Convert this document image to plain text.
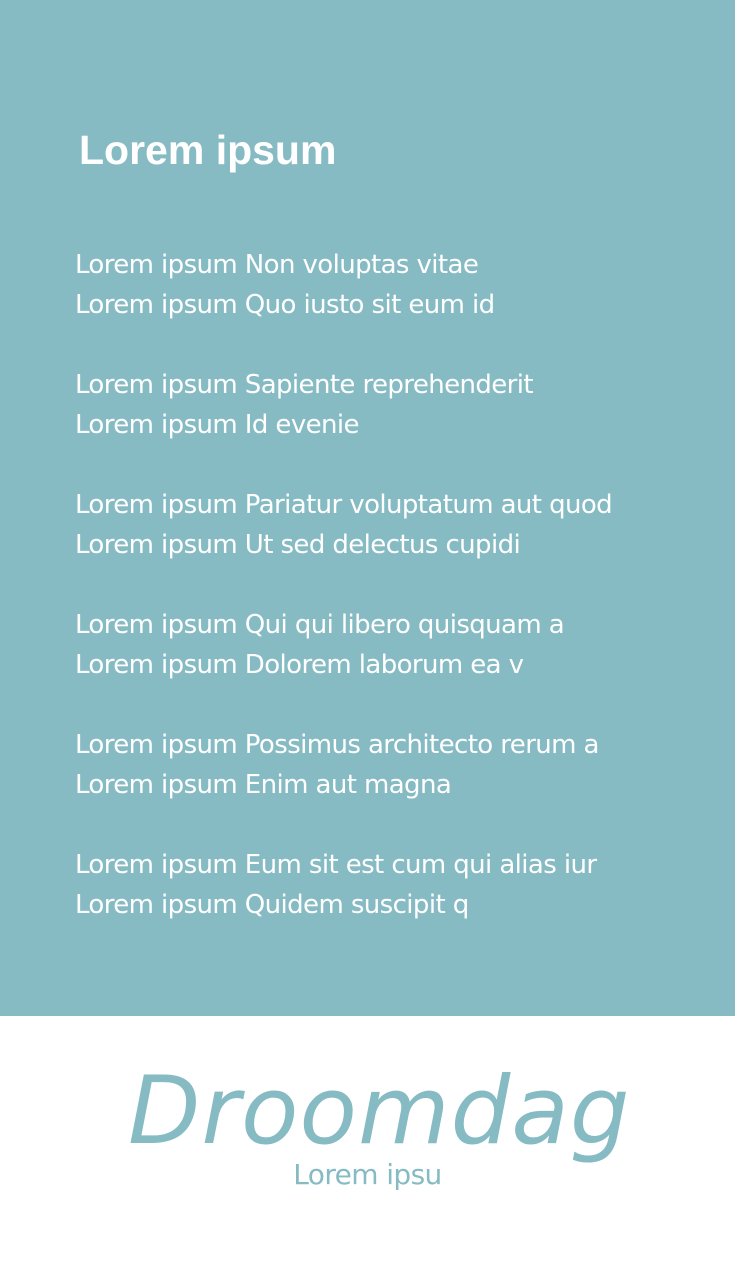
Lorem ipsum
Lorem ipsum Non voluptas vitae
Lorem ipsum Quo iusto sit eum id
Lorem ipsum Sapiente reprehenderit
Lorem ipsum Id evenie
Lorem ipsum Pariatur voluptatum aut quod
Lorem ipsum Ut sed delectus cupidi
Lorem ipsum Qui qui libero quisquam a
Lorem ipsum Dolorem laborum ea v
Lorem ipsum Possimus architecto rerum a
Lorem ipsum Enim aut magna
Lorem ipsum Eum sit est cum qui alias iur
Lorem ipsum Quidem suscipit q
Droomdag
Lorem ipsu
